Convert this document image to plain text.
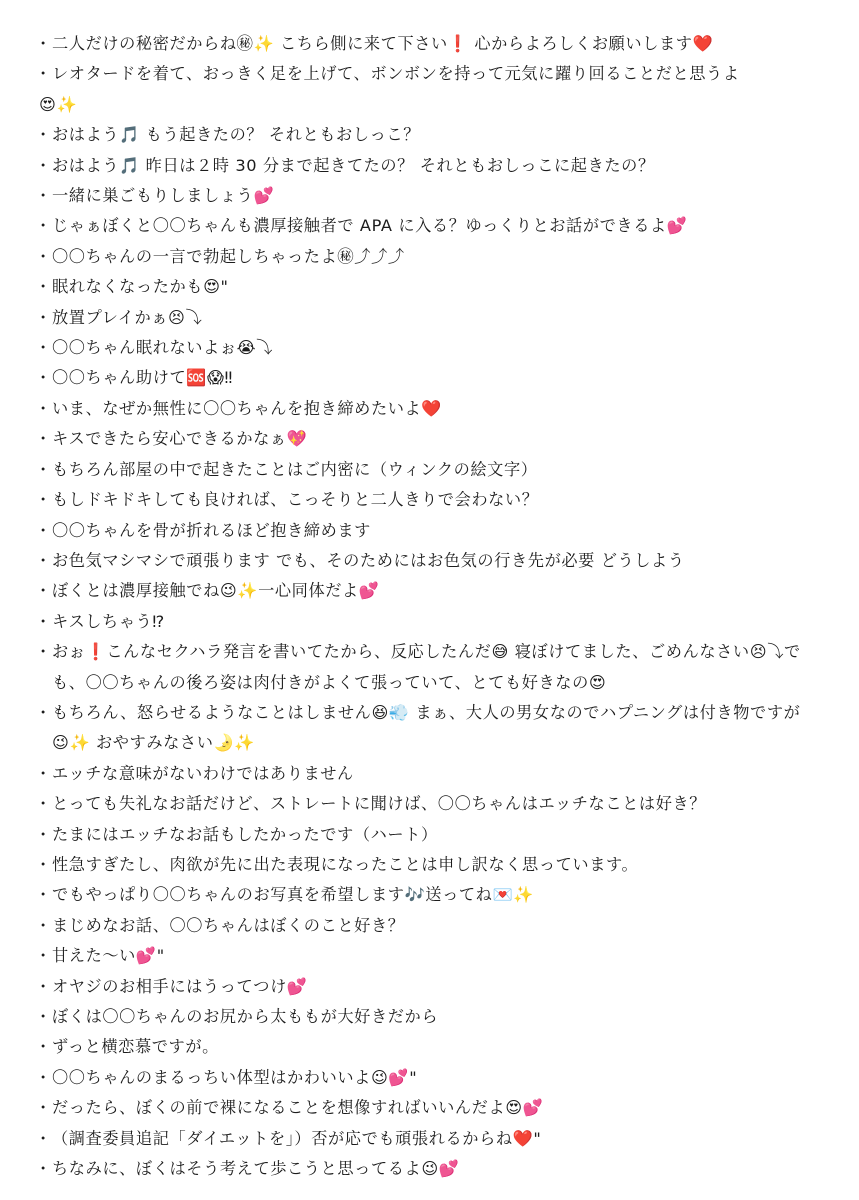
・ 二人だけの秘密だからね㊙✨ こちら側に来て下さい❗ 心からよろしくお願いします❤️
・ レオタードを着て、おっきく足を上げて、ボンボンを持って元気に躍り回ることだと思うよ
😍✨
・ おはよう🎵 もう起きたの？ それともおしっこ？
・ おはよう🎵 昨日は２時 30 分まで起きてたの？ それともおしっこに起きたの？
・ 一緒に巣ごもりしましょう💕
・ じゃぁぼくと〇〇ちゃんも濃厚接触者で APA に入る？ゆっくりとお話ができるよ💕
・ 〇〇ちゃんの一言で勃起しちゃったよ㊙⤴⤴⤴
・ 眠れなくなったかも😍"
・ 放置プレイかぁ😣⤵
・ 〇〇ちゃん眠れないよぉ😭⤵
・ 〇〇ちゃん助けて🆘😱‼
・ いま、なぜか無性に〇〇ちゃんを抱き締めたいよ❤️
・ キスできたら安心できるかなぁ💖
・ もちろん部屋の中で起きたことはご内密に（ウィンクの絵文字）
・ もしドキドキしても良ければ、こっそりと二人きりで会わない？
・ 〇〇ちゃんを骨が折れるほど抱き締めます
・ お色気マシマシで頑張ります でも、そのためにはお色気の行き先が必要 どうしよう
・ ぼくとは濃厚接触でね😉✨一心同体だよ💕
・ キスしちゃう⁉
・ おぉ❗こんなセクハラ発言を書いてたから、反応したんだ😅 寝ぼけてました、ごめんなさい😣⤵でも、〇〇ちゃんの後ろ姿は肉付きがよくて張っていて、とても好きなの😍
・ もちろん、怒らせるようなことはしません😆💨 まぁ、大人の男女なのでハプニングは付き物ですが😉✨ おやすみなさい🌛✨
・ エッチな意味がないわけではありません
・ とっても失礼なお話だけど、ストレートに聞けば、〇〇ちゃんはエッチなことは好き？
・ たまにはエッチなお話もしたかったです（ハート）
・ 性急すぎたし、肉欲が先に出た表現になったことは申し訳なく思っています。
・ でもやっぱり〇〇ちゃんのお写真を希望します🎶送ってね💌✨
・ まじめなお話、〇〇ちゃんはぼくのこと好き？
・ 甘えた〜い💕"
・ オヤジのお相手にはうってつけ💕
・ ぼくは〇〇ちゃんのお尻から太ももが大好きだから
・ ずっと横恋慕ですが。
・ 〇〇ちゃんのまるっちい体型はかわいいよ😉💕"
・ だったら、ぼくの前で裸になることを想像すればいいんだよ😍💕
・ （調査委員追記「ダイエットを」）否が応でも頑張れるからね❤️"
・ ちなみに、ぼくはそう考えて歩こうと思ってるよ😉💕
